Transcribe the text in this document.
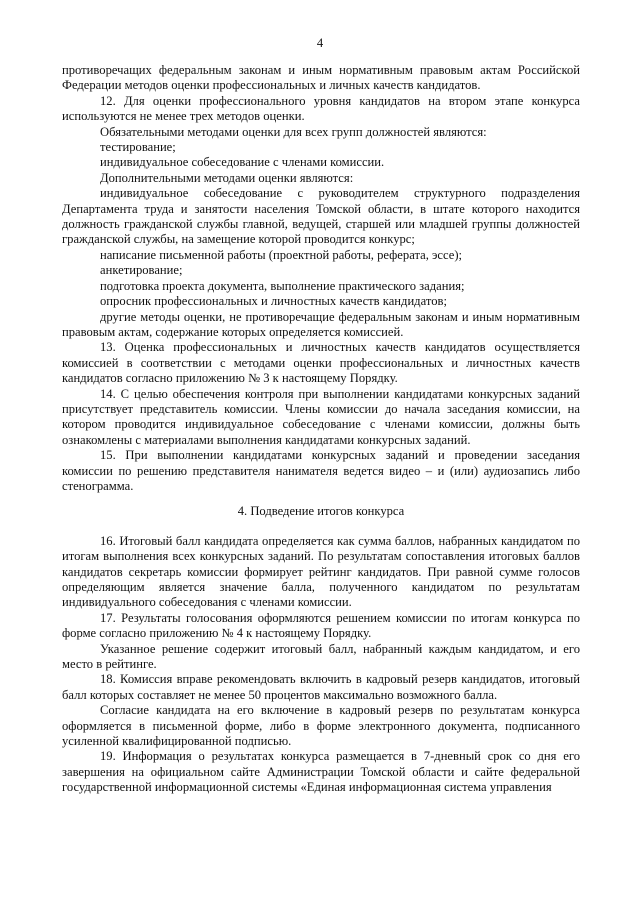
4

противоречащих федеральным законам и иным нормативным правовым актам Российской Федерации методов оценки профессиональных и личных качеств кандидатов.

12. Для оценки профессионального уровня кандидатов на втором этапе конкурса используются не менее трех методов оценки.

Обязательными методами оценки для всех групп должностей являются:

тестирование;

индивидуальное собеседование с членами комиссии.

Дополнительными методами оценки являются:

индивидуальное собеседование с руководителем структурного подразделения Департамента труда и занятости населения Томской области, в штате которого находится должность гражданской службы главной, ведущей, старшей или младшей группы должностей гражданской службы, на замещение которой проводится конкурс;

написание письменной работы (проектной работы, реферата, эссе);

анкетирование;

подготовка проекта документа, выполнение практического задания;

опросник профессиональных и личностных качеств кандидатов;

другие методы оценки, не противоречащие федеральным законам и иным нормативным правовым актам, содержание которых определяется комиссией.

13. Оценка профессиональных и личностных качеств кандидатов осуществляется комиссией в соответствии с методами оценки профессиональных и личностных качеств кандидатов согласно приложению № 3 к настоящему Порядку.

14. С целью обеспечения контроля при выполнении кандидатами конкурсных заданий присутствует представитель комиссии. Члены комиссии до начала заседания комиссии, на котором проводится индивидуальное собеседование с членами комиссии, должны быть ознакомлены с материалами выполнения кандидатами конкурсных заданий.

15. При выполнении кандидатами конкурсных заданий и проведении заседания комиссии по решению представителя нанимателя ведется видео – и (или) аудиозапись либо стенограмма.

4. Подведение итогов конкурса

16. Итоговый балл кандидата определяется как сумма баллов, набранных кандидатом по итогам выполнения всех конкурсных заданий. По результатам сопоставления итоговых баллов кандидатов секретарь комиссии формирует рейтинг кандидатов. При равной сумме голосов определяющим является значение балла, полученного кандидатом по результатам индивидуального собеседования с членами комиссии.

17. Результаты голосования оформляются решением комиссии по итогам конкурса по форме согласно приложению № 4 к настоящему Порядку.

Указанное решение содержит итоговый балл, набранный каждым кандидатом, и его место в рейтинге.

18. Комиссия вправе рекомендовать включить в кадровый резерв кандидатов, итоговый балл которых составляет не менее 50 процентов максимально возможного балла.

Согласие кандидата на его включение в кадровый резерв по результатам конкурса оформляется в письменной форме, либо в форме электронного документа, подписанного усиленной квалифицированной подписью.

19. Информация о результатах конкурса размещается в 7-дневный срок со дня его завершения на официальном сайте Администрации Томской области и сайте федеральной государственной информационной системы «Единая информационная система управления
